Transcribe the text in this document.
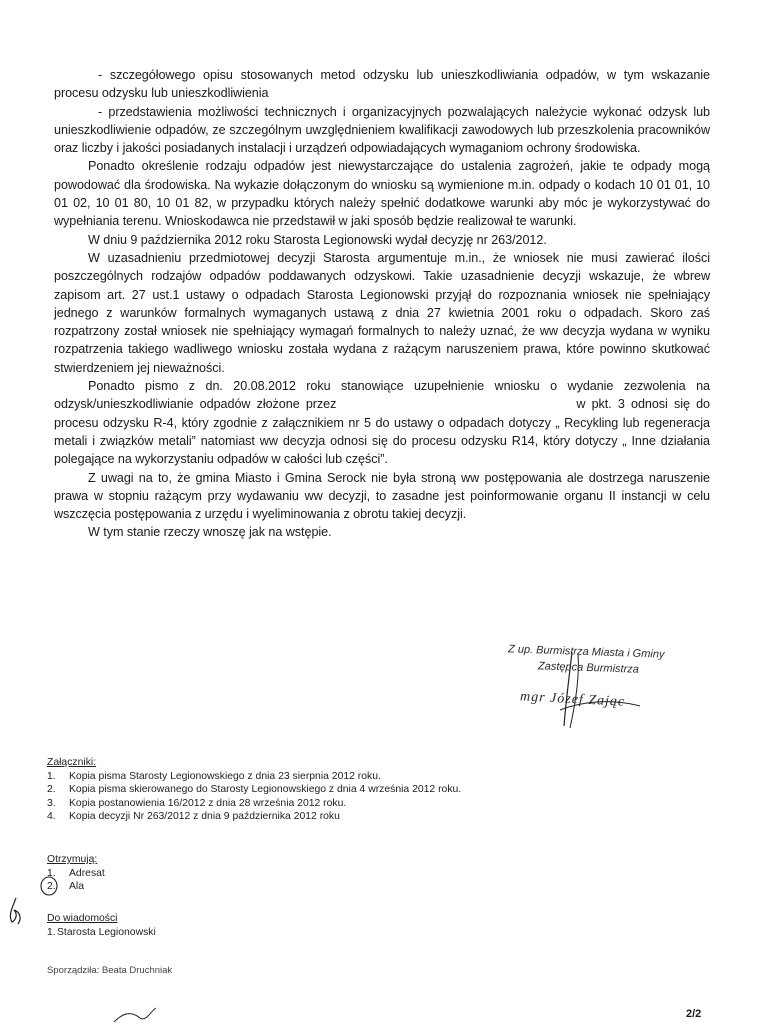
- szczegółowego opisu stosowanych metod odzysku lub unieszkodliwiania odpadów, w tym wskazanie procesu odzysku lub unieszkodliwienia

- przedstawienia możliwości technicznych i organizacyjnych pozwalających należycie wykonać odzysk lub unieszkodliwienie odpadów, ze szczególnym uwzględnieniem kwalifikacji zawodowych lub przeszkolenia pracowników oraz liczby i jakości posiadanych instalacji i urządzeń odpowiadających wymaganiom ochrony środowiska.

Ponadto określenie rodzaju odpadów jest niewystarczające do ustalenia zagrożeń, jakie te odpady mogą powodować dla środowiska. Na wykazie dołączonym do wniosku są wymienione m.in. odpady o kodach 10 01 01, 10 01 02, 10 01 80, 10 01 82, w przypadku których należy spełnić dodatkowe warunki aby móc je wykorzystywać do wypełniania terenu. Wnioskodawca nie przedstawił w jaki sposób będzie realizował te warunki.

W dniu 9 października 2012 roku Starosta Legionowski wydał decyzję nr 263/2012.

W uzasadnieniu przedmiotowej decyzji Starosta argumentuje m.in., że wniosek nie musi zawierać ilości poszczególnych rodzajów odpadów poddawanych odzyskowi. Takie uzasadnienie decyzji wskazuje, że wbrew zapisom art. 27 ust.1 ustawy o odpadach Starosta Legionowski przyjął do rozpoznania wniosek nie spełniający jednego z warunków formalnych wymaganych ustawą z dnia 27 kwietnia 2001 roku o odpadach. Skoro zaś rozpatrzony został wniosek nie spełniający wymagań formalnych to należy uznać, że ww decyzja wydana w wyniku rozpatrzenia takiego wadliwego wniosku została wydana z rażącym naruszeniem prawa, które powinno skutkować stwierdzeniem jej nieważności.

Ponadto pismo z dn. 20.08.2012 roku stanowiące uzupełnienie wniosku o wydanie zezwolenia na odzysk/unieszkodliwianie odpadów złożone przez	w pkt. 3 odnosi się do procesu odzysku R-4, który zgodnie z załącznikiem nr 5 do ustawy o odpadach dotyczy „ Recykling lub regeneracja metali i związków metali” natomiast ww decyzja odnosi się do procesu odzysku R14, który dotyczy „ Inne działania polegające na wykorzystaniu odpadów w całości lub części”.

Z uwagi na to, że gmina Miasto i Gmina Serock nie była stroną ww postępowania ale dostrzega naruszenie prawa w stopniu rażącym przy wydawaniu ww decyzji, to zasadne jest poinformowanie organu II instancji w celu wszczęcia postępowania z urzędu i wyeliminowania z obrotu takiej decyzji.

W tym stanie rzeczy wnoszę jak na wstępie.

Z up. Burmistrza Miasta i Gminy
Zastępca Burmistrza
mgr Józef Zając
Załączniki:
1. Kopia pisma Starosty Legionowskiego z dnia 23 sierpnia 2012 roku.
2. Kopia pisma skierowanego do Starosty Legionowskiego z dnia 4 września 2012 roku.
3. Kopia postanowienia 16/2012 z dnia 28 września 2012 roku.
4. Kopia decyzji Nr 263/2012 z dnia 9 października 2012 roku
Otrzymują:
1. Adresat
2. Ala
Do wiadomości
1.Starosta Legionowski
Sporządziła: Beata Druchniak
2/2
